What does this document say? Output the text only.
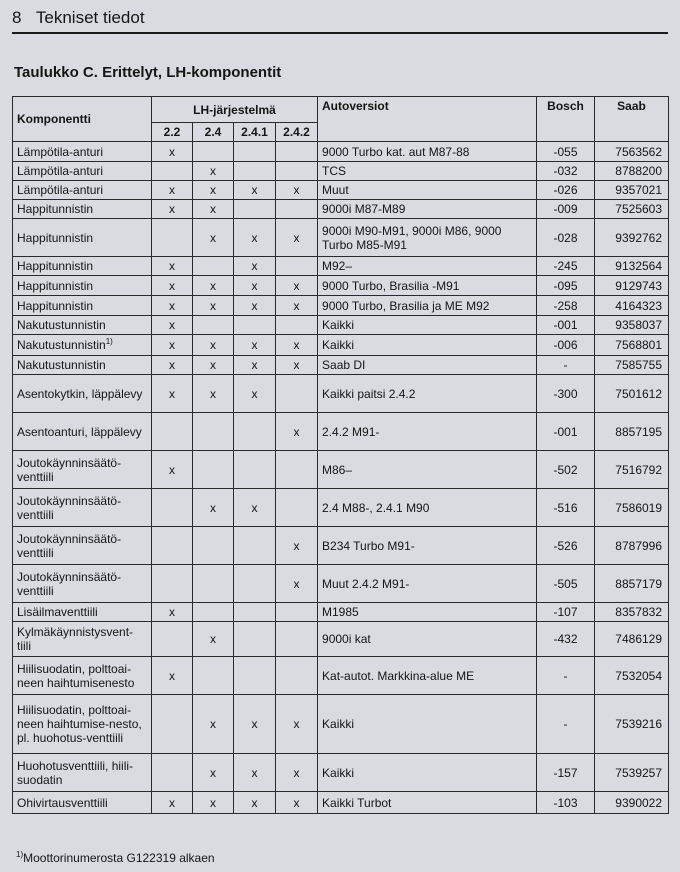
8 Tekniset tiedot
Taulukko C. Erittelyt, LH-komponentit
Komponentti	LH-järjestelmä				Autoversiot	Bosch	Saab
	2.2	2.4	2.4.1	2.4.2			
Lämpötila-anturi	x				9000 Turbo kat. aut M87-88	-055	7563562
Lämpötila-anturi		x			TCS	-032	8788200
Lämpötila-anturi	x	x	x	x	Muut	-026	9357021
Happitunnistin	x	x			9000i M87-M89	-009	7525603
Happitunnistin		x	x	x	9000i M90-M91, 9000i M86, 9000 Turbo M85-M91	-028	9392762
Happitunnistin	x		x		M92–	-245	9132564
Happitunnistin	x	x	x	x	9000 Turbo, Brasilia -M91	-095	9129743
Happitunnistin	x	x	x	x	9000 Turbo, Brasilia ja ME M92	-258	4164323
Nakutustunnistin	x				Kaikki	-001	9358037
Nakutustunnistin$^{1)}$	x	x	x	x	Kaikki	-006	7568801
Nakutustunnistin	x	x	x	x	Saab DI	-	7585755
Asentokytkin, läppälevy	x	x	x		Kaikki paitsi 2.4.2	-300	7501612
Asentoanturi, läppälevy				x	2.4.2 M91-	-001	8857195
Joutokäynninsäätö-venttiili	x				M86–	-502	7516792
Joutokäynninsäätö-venttiili		x	x		2.4 M88-, 2.4.1 M90	-516	7586019
Joutokäynninsäätö-venttiili				x	B234 Turbo M91-	-526	8787996
Joutokäynninsäätö-venttiili				x	Muut 2.4.2 M91-	-505	8857179
Lisäilmaventtiili	x				M1985	-107	8357832
Kylmäkäynnistysvent-tiili		x			9000i kat	-432	7486129
Hiilisuodatin, polttoai-neen haihtumisenesto	x				Kat-autot. Markkina-alue ME	-	7532054
Hiilisuodatin, polttoai-neen haihtumise-nesto, pl. huohotus-venttiili		x	x	x	Kaikki	-	7539216
Huohotusventtiili, hiili-suodatin		x	x	x	Kaikki	-157	7539257
Ohivirtausventtiili	x	x	x	x	Kaikki Turbot	-103	9390022
$^{1)}$Moottorinumerosta G122319 alkaen
